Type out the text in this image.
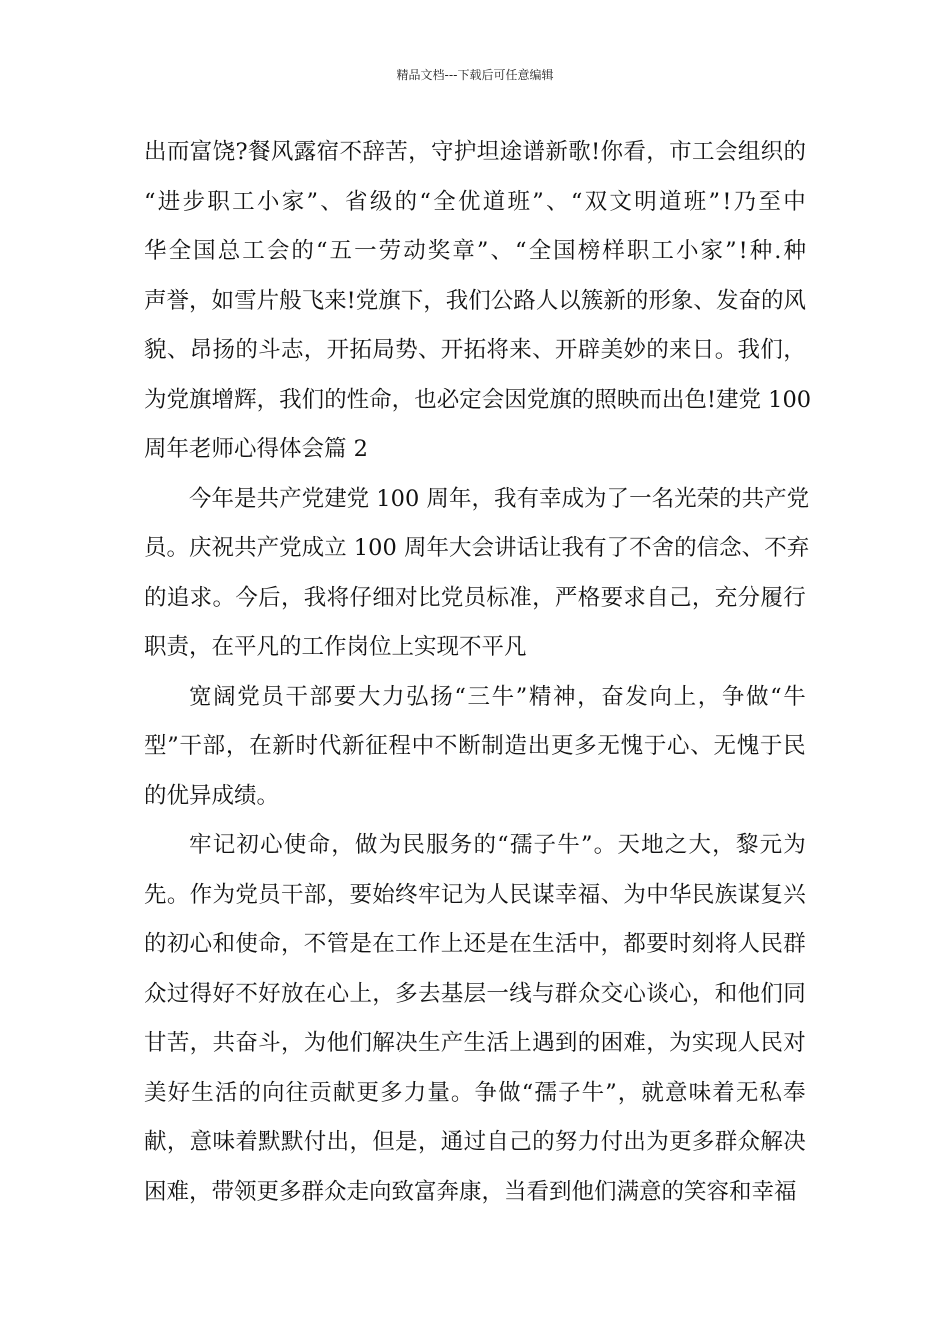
精品文档---下载后可任意编辑
出 而 富 饶 ? 餐 风 露 宿 不 辞 苦 ， 守 护 坦 途 谱 新 歌 ! 你 看 ， 市 工 会 组 织 的
“ 进 步 职 工 小 家 ” 、 省 级 的 “ 全 优 道 班 ” 、 “ 双 文 明 道 班 ” ! 乃 至 中
华 全 国 总 工 会 的 “ 五 一 劳 动 奖 章 ” 、 “ 全 国 榜 样 职 工 小 家 ” ! 种 . 种
声 誉 ， 如 雪 片 般 飞 来 ! 党 旗 下 ， 我 们 公 路 人 以 簇 新 的 形 象 、 发 奋 的 风
貌 、 昂 扬 的 斗 志 ， 开 拓 局 势 、 开 拓 将 来 、 开 辟 美 妙 的 来 日 。 我 们 ，
为 党 旗 增 辉 ， 我 们 的 性 命 ， 也 必 定 会 因 党 旗 的 照 映 而 出 色 ! 建 党
1 0 0
周年老师心得体会篇 2
今 年 是 共 产 党 建 党
1 0 0
周 年 ， 我 有 幸 成 为 了 一 名 光 荣 的 共 产 党
员 。 庆 祝 共 产 党 成 立
1 0 0
周 年 大 会 讲 话 让 我 有 了 不 舍 的 信 念 、 不 弃
的 追 求 。 今 后 ， 我 将 仔 细 对 比 党 员 标 准 ， 严 格 要 求 自 己 ， 充 分 履 行
职责，在平凡的工作岗位上实现不平凡
宽 阔 党 员 干 部 要 大 力 弘 扬 “ 三 牛 ” 精 神 ， 奋 发 向 上 ， 争 做 “ 牛
型 ” 干 部 ， 在 新 时 代 新 征 程 中 不 断 制 造 出 更 多 无 愧 于 心 、 无 愧 于 民
的优异成绩。
牢 记 初 心 使 命 ， 做 为 民 服 务 的 “ 孺 子 牛 ” 。 天 地 之 大 ， 黎 元 为
先 。 作 为 党 员 干 部 ， 要 始 终 牢 记 为 人 民 谋 幸 福 、 为 中 华 民 族 谋 复 兴
的 初 心 和 使 命 ， 不 管 是 在 工 作 上 还 是 在 生 活 中 ， 都 要 时 刻 将 人 民 群
众 过 得 好 不 好 放 在 心 上 ， 多 去 基 层 一 线 与 群 众 交 心 谈 心 ， 和 他 们 同
甘 苦 ， 共 奋 斗 ， 为 他 们 解 决 生 产 生 活 上 遇 到 的 困 难 ， 为 实 现 人 民 对
美 好 生 活 的 向 往 贡 献 更 多 力 量 。 争 做 “ 孺 子 牛 ” ， 就 意 味 着 无 私 奉
献 ， 意 味 着 默 默 付 出 ， 但 是 ， 通 过 自 己 的 努 力 付 出 为 更 多 群 众 解 决
困难，带领更多群众走向致富奔康，当看到他们满意的笑容和幸福
